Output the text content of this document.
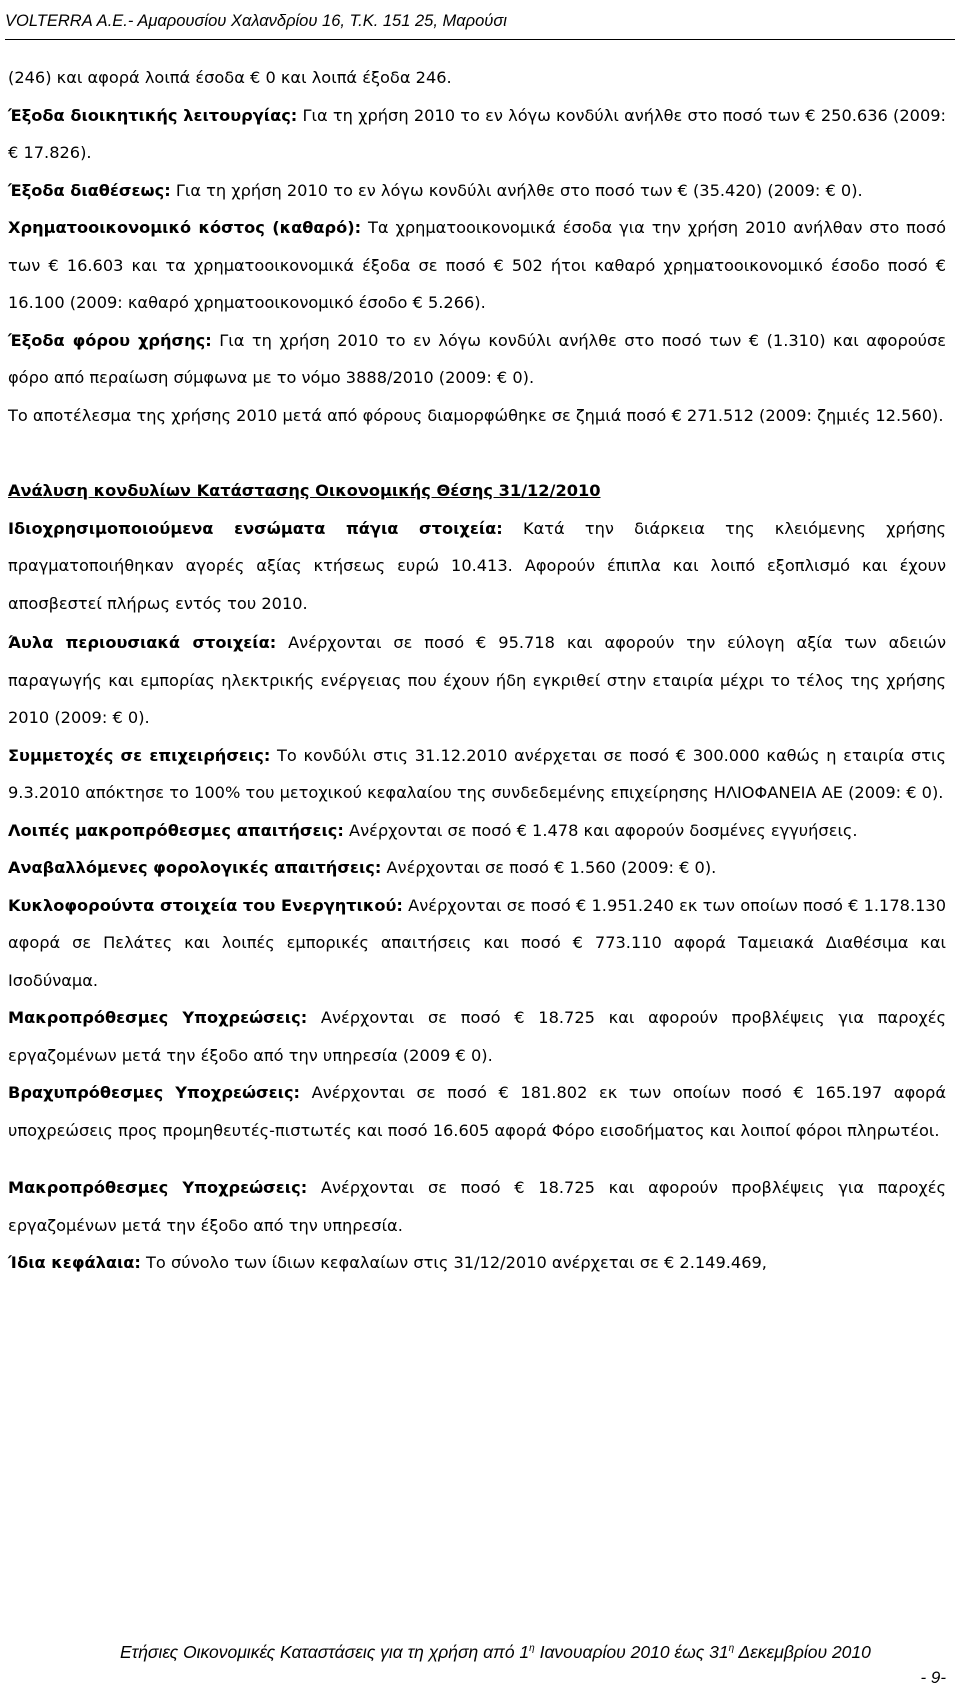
VOLTERRA Α.Ε.- Αμαρουσίου Χαλανδρίου 16, Τ.Κ. 151 25, Μαρούσι

(246) και αφορά λοιπά έσοδα € 0 και λοιπά έξοδα 246.

Έξοδα διοικητικής λειτουργίας: Για τη χρήση 2010 το εν λόγω κονδύλι ανήλθε στο ποσό των € 250.636 (2009: € 17.826).

Έξοδα διαθέσεως: Για τη χρήση 2010 το εν λόγω κονδύλι ανήλθε στο ποσό των € (35.420) (2009: € 0).

Χρηματοοικονομικό κόστος (καθαρό): Τα χρηματοοικονομικά έσοδα για την χρήση 2010 ανήλθαν στο ποσό των € 16.603 και τα χρηματοοικονομικά έξοδα σε ποσό € 502 ήτοι καθαρό χρηματοοικονομικό έσοδο ποσό € 16.100 (2009: καθαρό χρηματοοικονομικό έσοδο € 5.266).

Έξοδα φόρου χρήσης: Για τη χρήση 2010 το εν λόγω κονδύλι ανήλθε στο ποσό των € (1.310) και αφορούσε φόρο από περαίωση σύμφωνα με το νόμο 3888/2010 (2009: € 0).

Το αποτέλεσμα της χρήσης 2010 μετά από φόρους διαμορφώθηκε σε ζημιά ποσό € 271.512 (2009: ζημιές 12.560).

Ανάλυση κονδυλίων Κατάστασης Οικονομικής Θέσης 31/12/2010

Ιδιοχρησιμοποιούμενα ενσώματα πάγια στοιχεία: Κατά την διάρκεια της κλειόμενης χρήσης πραγματοποιήθηκαν αγορές αξίας κτήσεως ευρώ 10.413. Αφορούν έπιπλα και λοιπό εξοπλισμό και έχουν αποσβεστεί πλήρως εντός του 2010.

Άυλα περιουσιακά στοιχεία: Ανέρχονται σε ποσό € 95.718 και αφορούν την εύλογη αξία των αδειών παραγωγής και εμπορίας ηλεκτρικής ενέργειας που έχουν ήδη εγκριθεί στην εταιρία μέχρι το τέλος της χρήσης 2010 (2009: € 0).

Συμμετοχές σε επιχειρήσεις: Το κονδύλι στις 31.12.2010 ανέρχεται σε ποσό € 300.000 καθώς η εταιρία στις 9.3.2010 απόκτησε το 100% του μετοχικού κεφαλαίου της συνδεδεμένης επιχείρησης ΗΛΙΟΦΑΝΕΙΑ ΑΕ (2009: € 0).

Λοιπές μακροπρόθεσμες απαιτήσεις: Ανέρχονται σε ποσό € 1.478 και αφορούν δοσμένες εγγυήσεις.

Αναβαλλόμενες φορολογικές απαιτήσεις: Ανέρχονται σε ποσό € 1.560 (2009: € 0).

Κυκλοφορούντα στοιχεία του Ενεργητικού: Ανέρχονται σε ποσό € 1.951.240 εκ των οποίων ποσό € 1.178.130 αφορά σε Πελάτες και λοιπές εμπορικές απαιτήσεις και ποσό € 773.110 αφορά Ταμειακά Διαθέσιμα και Ισοδύναμα.

Μακροπρόθεσμες Υποχρεώσεις: Ανέρχονται σε ποσό € 18.725 και αφορούν προβλέψεις για παροχές εργαζομένων μετά την έξοδο από την υπηρεσία (2009 € 0).

Βραχυπρόθεσμες Υποχρεώσεις: Ανέρχονται σε ποσό € 181.802 εκ των οποίων ποσό € 165.197 αφορά υποχρεώσεις προς προμηθευτές-πιστωτές και ποσό 16.605 αφορά Φόρο εισοδήματος και λοιποί φόροι πληρωτέοι.

Μακροπρόθεσμες Υποχρεώσεις: Ανέρχονται σε ποσό € 18.725 και αφορούν προβλέψεις για παροχές εργαζομένων μετά την έξοδο από την υπηρεσία.

Ίδια κεφάλαια: Το σύνολο των ίδιων κεφαλαίων στις 31/12/2010 ανέρχεται σε € 2.149.469,

Ετήσιες Οικονομικές Καταστάσεις για τη χρήση από $1^\eta$ Ιανουαρίου 2010 έως $31^\eta$ Δεκεμβρίου 2010
- 9-
